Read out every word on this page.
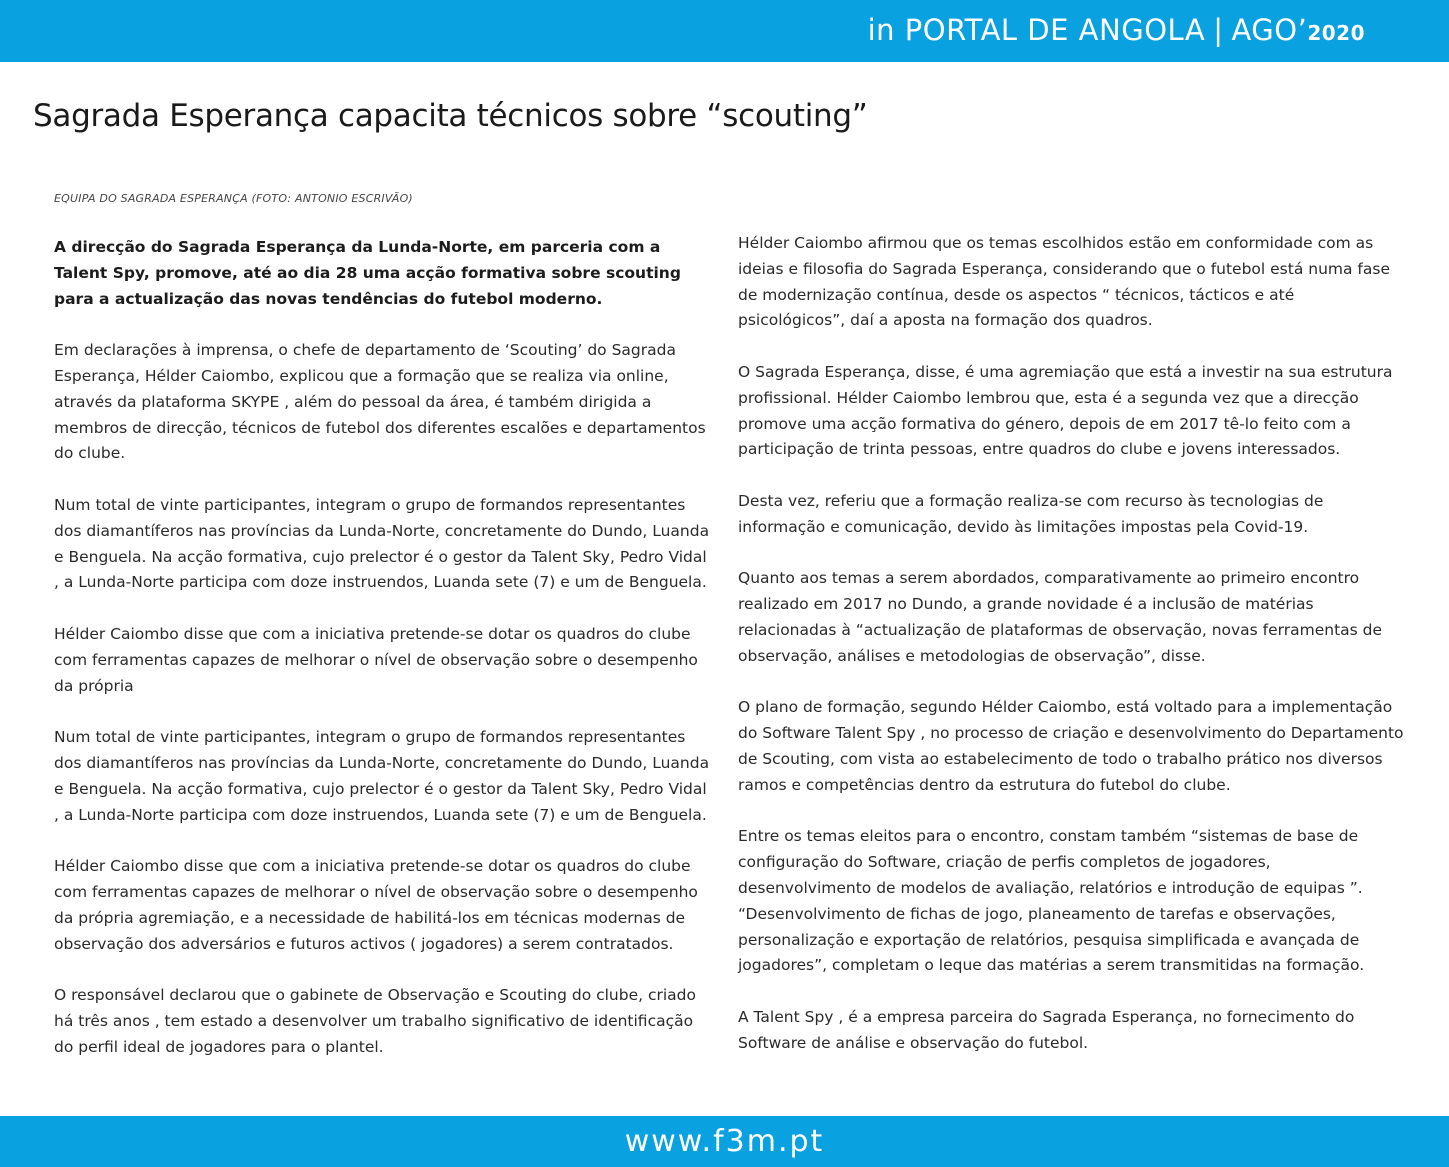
in PORTAL DE ANGOLA | AGO’2020
Sagrada Esperança capacita técnicos sobre “scouting”
EQUIPA DO SAGRADA ESPERANÇA (FOTO: ANTONIO ESCRIVÃO)

A direcção do Sagrada Esperança da Lunda-Norte, em parceria com a Talent Spy, promove, até ao dia 28 uma acção formativa sobre scouting para a actualização das novas tendências do futebol moderno.

Em declarações à imprensa, o chefe de departamento de ‘Scouting’ do Sagrada Esperança, Hélder Caiombo, explicou que a formação que se realiza via online, através da plataforma SKYPE , além do pessoal da área, é também dirigida a membros de direcção, técnicos de futebol dos diferentes escalões e departamentos do clube.

Num total de vinte participantes, integram o grupo de formandos representantes dos diamantíferos nas províncias da Lunda-Norte, concretamente do Dundo, Luanda e Benguela. Na acção formativa, cujo prelector é o gestor da Talent Sky, Pedro Vidal , a Lunda-Norte participa com doze instruendos, Luanda sete (7) e um de Benguela.

Hélder Caiombo disse que com a iniciativa pretende-se dotar os quadros do clube com ferramentas capazes de melhorar o nível de observação sobre o desempenho da própria

Num total de vinte participantes, integram o grupo de formandos representantes dos diamantíferos nas províncias da Lunda-Norte, concretamente do Dundo, Luanda e Benguela. Na acção formativa, cujo prelector é o gestor da Talent Sky, Pedro Vidal , a Lunda-Norte participa com doze instruendos, Luanda sete (7) e um de Benguela.

Hélder Caiombo disse que com a iniciativa pretende-se dotar os quadros do clube com ferramentas capazes de melhorar o nível de observação sobre o desempenho da própria agremiação, e a necessidade de habilitá-los em técnicas modernas de observação dos adversários e futuros activos ( jogadores) a serem contratados.

O responsável declarou que o gabinete de Observação e Scouting do clube, criado há três anos , tem estado a desenvolver um trabalho significativo de identificação do perfil ideal de jogadores para o plantel.

Hélder Caiombo afirmou que os temas escolhidos estão em conformidade com as ideias e filosofia do Sagrada Esperança, considerando que o futebol está numa fase de modernização contínua, desde os aspectos “ técnicos, tácticos e até psicológicos”, daí a aposta na formação dos quadros.

O Sagrada Esperança, disse, é uma agremiação que está a investir na sua estrutura profissional. Hélder Caiombo lembrou que, esta é a segunda vez que a direcção promove uma acção formativa do género, depois de em 2017 tê-lo feito com a participação de trinta pessoas, entre quadros do clube e jovens interessados.

Desta vez, referiu que a formação realiza-se com recurso às tecnologias de informação e comunicação, devido às limitações impostas pela Covid-19.

Quanto aos temas a serem abordados, comparativamente ao primeiro encontro realizado em 2017 no Dundo, a grande novidade é a inclusão de matérias relacionadas à “actualização de plataformas de observação, novas ferramentas de observação, análises e metodologias de observação”, disse.

O plano de formação, segundo Hélder Caiombo, está voltado para a implementação do Software Talent Spy , no processo de criação e desenvolvimento do Departamento de Scouting, com vista ao estabelecimento de todo o trabalho prático nos diversos ramos e competências dentro da estrutura do futebol do clube.

Entre os temas eleitos para o encontro, constam também “sistemas de base de configuração do Software, criação de perfis completos de jogadores, desenvolvimento de modelos de avaliação, relatórios e introdução de equipas ”. “Desenvolvimento de fichas de jogo, planeamento de tarefas e observações, personalização e exportação de relatórios, pesquisa simplificada e avançada de jogadores”, completam o leque das matérias a serem transmitidas na formação.

A Talent Spy , é a empresa parceira do Sagrada Esperança, no fornecimento do Software de análise e observação do futebol.

www.f3m.pt
